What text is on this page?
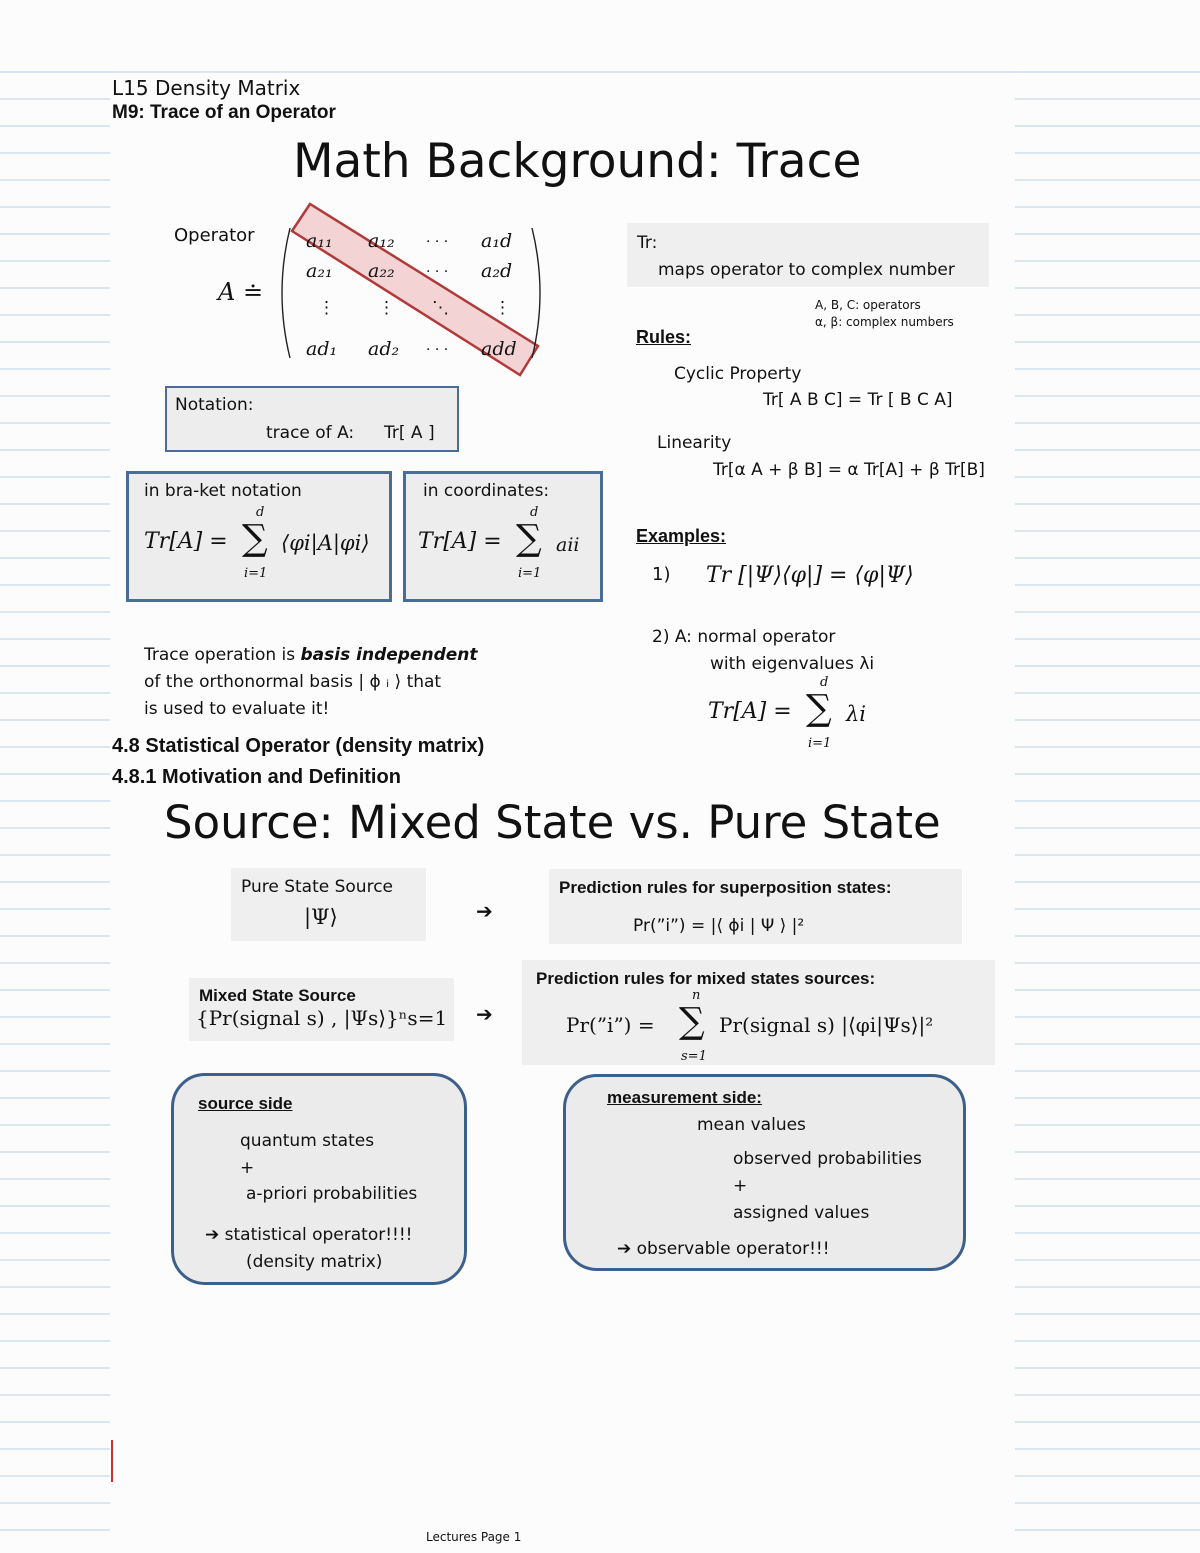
L15 Density Matrix
M9: Trace of an Operator
Math Background: Trace
Operator
A ≐
a₁₁ a₁₂ · · · a₁d
a₂₁ a₂₂ · · · a₂d
⋮	⋮ ⋱	⋮
ad₁ ad₂ · · · add
Notation:
trace of A: Tr[ A ]
in bra-ket notation
Tr[A] =
d
∑
i=1
⟨φi|A|φi⟩
in coordinates:
Tr[A] =
d
∑
i=1
aii
Trace operation is basis independent
of the orthonormal basis | ϕ ᵢ ⟩ that
is used to evaluate it!
Tr:
maps operator to complex number
A, B, C: operators
α, β: complex numbers
Rules:
Cyclic Property
Tr[ A B C] = Tr [ B C A]
Linearity
Tr[α A + β B] = α Tr[A] + β Tr[B]
Examples:
1) Tr [|Ψ⟩⟨φ|] = ⟨φ|Ψ⟩
2) A: normal operator
with eigenvalues λi
Tr[A] =
d
∑
i=1
λi
4.8 Statistical Operator (density matrix)
4.8.1 Motivation and Definition
Source: Mixed State vs. Pure State
Pure State Source
|Ψ⟩	➔
Prediction rules for superposition states:
Pr(”i”) = |⟨ ϕi | Ψ ⟩ |²
Mixed State Source
{Pr(signal s) , |Ψs⟩}ⁿs=1 ➔
Prediction rules for mixed states sources:
Pr(”i”) =
n
∑
s=1
Pr(signal s) |⟨φi|Ψs⟩|²
source side
quantum states
+
a-priori probabilities
➔ statistical operator!!!!
(density matrix)
measurement side:
mean values
observed probabilities
+
assigned values
➔ observable operator!!!
Lectures Page 1
